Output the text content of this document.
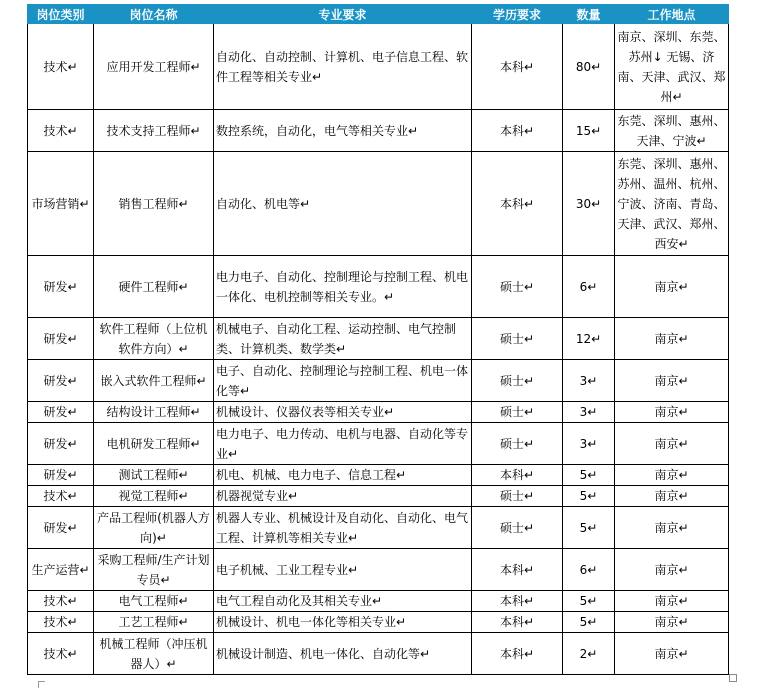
岗位类别	岗位名称	专业要求	学历要求	数量	工作地点
技术↵	应用开发工程师↵	自动化、自动控制、计算机、电子信息工程、软件工程等相关专业↵	本科↵	80↵	南京、深圳、东莞、苏州↓ 无锡、济南、天津、武汉、郑州↵
技术↵	技术支持工程师↵	数控系统，自动化，电气等相关专业↵	本科↵	15↵	东莞、深圳、惠州、天津、宁波↵
市场营销↵	销售工程师↵	自动化、机电等↵	本科↵	30↵	东莞、深圳、惠州、苏州、温州、杭州、宁波、济南、青岛、天津、武汉、郑州、西安↵
研发↵	硬件工程师↵	电力电子、自动化、控制理论与控制工程、机电一体化、电机控制等相关专业。↵	硕士↵	6↵	南京↵
研发↵	软件工程师（上位机软件方向）↵	机械电子、自动化工程、运动控制、电气控制类、计算机类、数学类↵	硕士↵	12↵	南京↵
研发↵	嵌入式软件工程师↵	电子、自动化、控制理论与控制工程、机电一体化等↵	硕士↵	3↵	南京↵
研发↵	结构设计工程师↵	机械设计、仪器仪表等相关专业↵	硕士↵	3↵	南京↵
研发↵	电机研发工程师↵	电力电子、电力传动、电机与电器、自动化等专业↵	硕士↵	3↵	南京↵
研发↵	测试工程师↵	机电、机械、电力电子、信息工程↵	本科↵	5↵	南京↵
技术↵	视觉工程师↵	机器视觉专业↵	硕士↵	5↵	南京↵
研发↵	产品工程师(机器人方向)↵	机器人专业、机械设计及自动化、自动化、电气工程、计算机等相关专业↵	硕士↵	5↵	南京↵
生产运营↵	采购工程师/生产计划专员↵	电子机械、工业工程专业↵	本科↵	6↵	南京↵
技术↵	电气工程师↵	电气工程自动化及其相关专业↵	本科↵	5↵	南京↵
技术↵	工艺工程师↵	机械设计、机电一体化等相关专业↵	本科↵	5↵	南京↵
技术↵	机械工程师（冲压机器人）↵	机械设计制造、机电一体化、自动化等↵	本科↵	2↵	南京↵
